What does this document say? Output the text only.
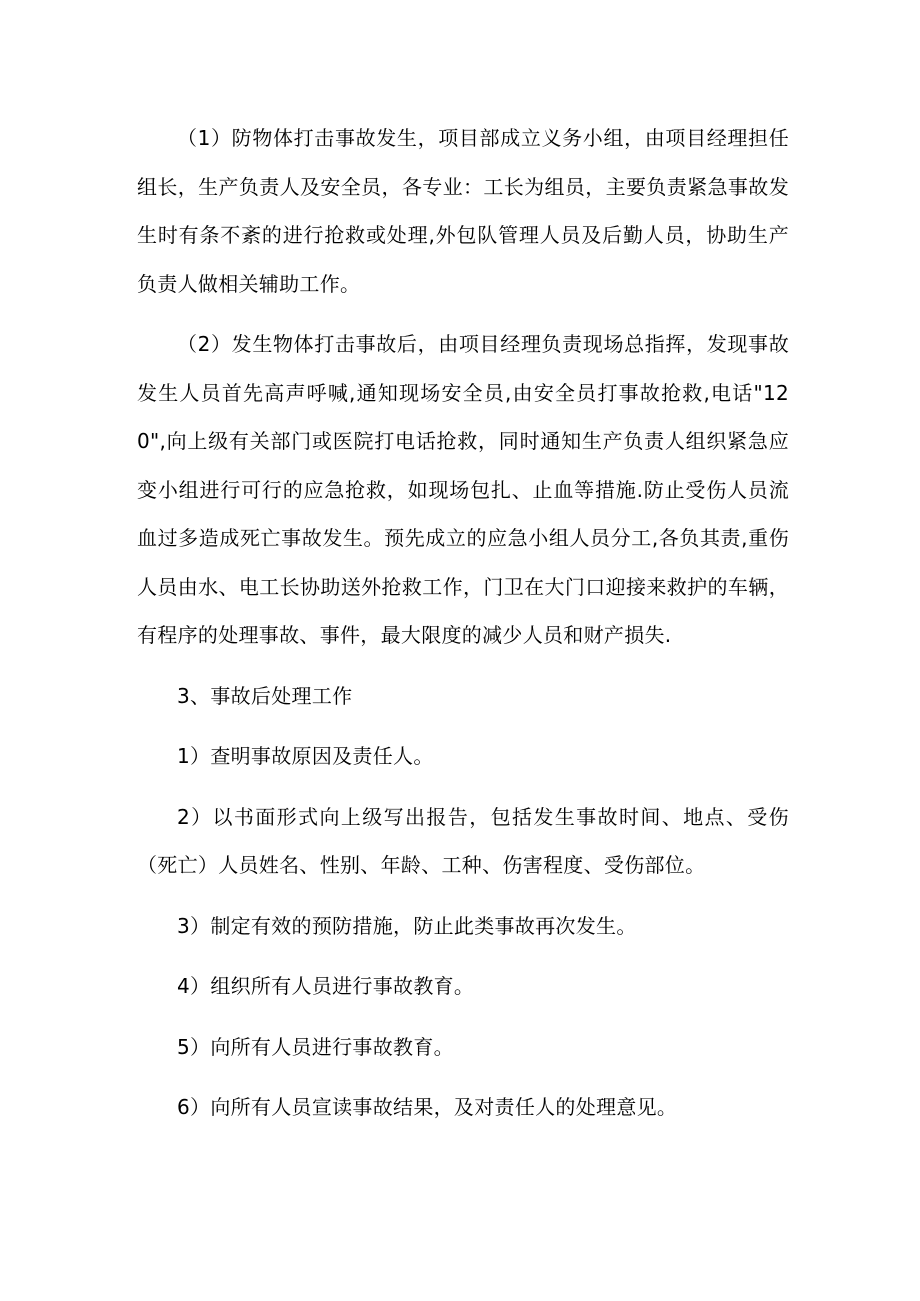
（1）防物体打击事故发生，项目部成立义务小组，由项目经理担任组长，生产负责人及安全员，各专业：工长为组员，主要负责紧急事故发生时有条不紊的进行抢救或处理,外包队管理人员及后勤人员，协助生产负责人做相关辅助工作。

（2）发生物体打击事故后，由项目经理负责现场总指挥，发现事故发生人员首先高声呼喊,通知现场安全员,由安全员打事故抢救,电话"120",向上级有关部门或医院打电话抢救，同时通知生产负责人组织紧急应变小组进行可行的应急抢救，如现场包扎、止血等措施.防止受伤人员流血过多造成死亡事故发生。预先成立的应急小组人员分工,各负其责,重伤人员由水、电工长协助送外抢救工作，门卫在大门口迎接来救护的车辆，有程序的处理事故、事件，最大限度的减少人员和财产损失.

3、事故后处理工作

1）查明事故原因及责任人。

2）以书面形式向上级写出报告，包括发生事故时间、地点、受伤（死亡）人员姓名、性别、年龄、工种、伤害程度、受伤部位。

3）制定有效的预防措施，防止此类事故再次发生。

4）组织所有人员进行事故教育。

5）向所有人员进行事故教育。

6）向所有人员宣读事故结果，及对责任人的处理意见。
